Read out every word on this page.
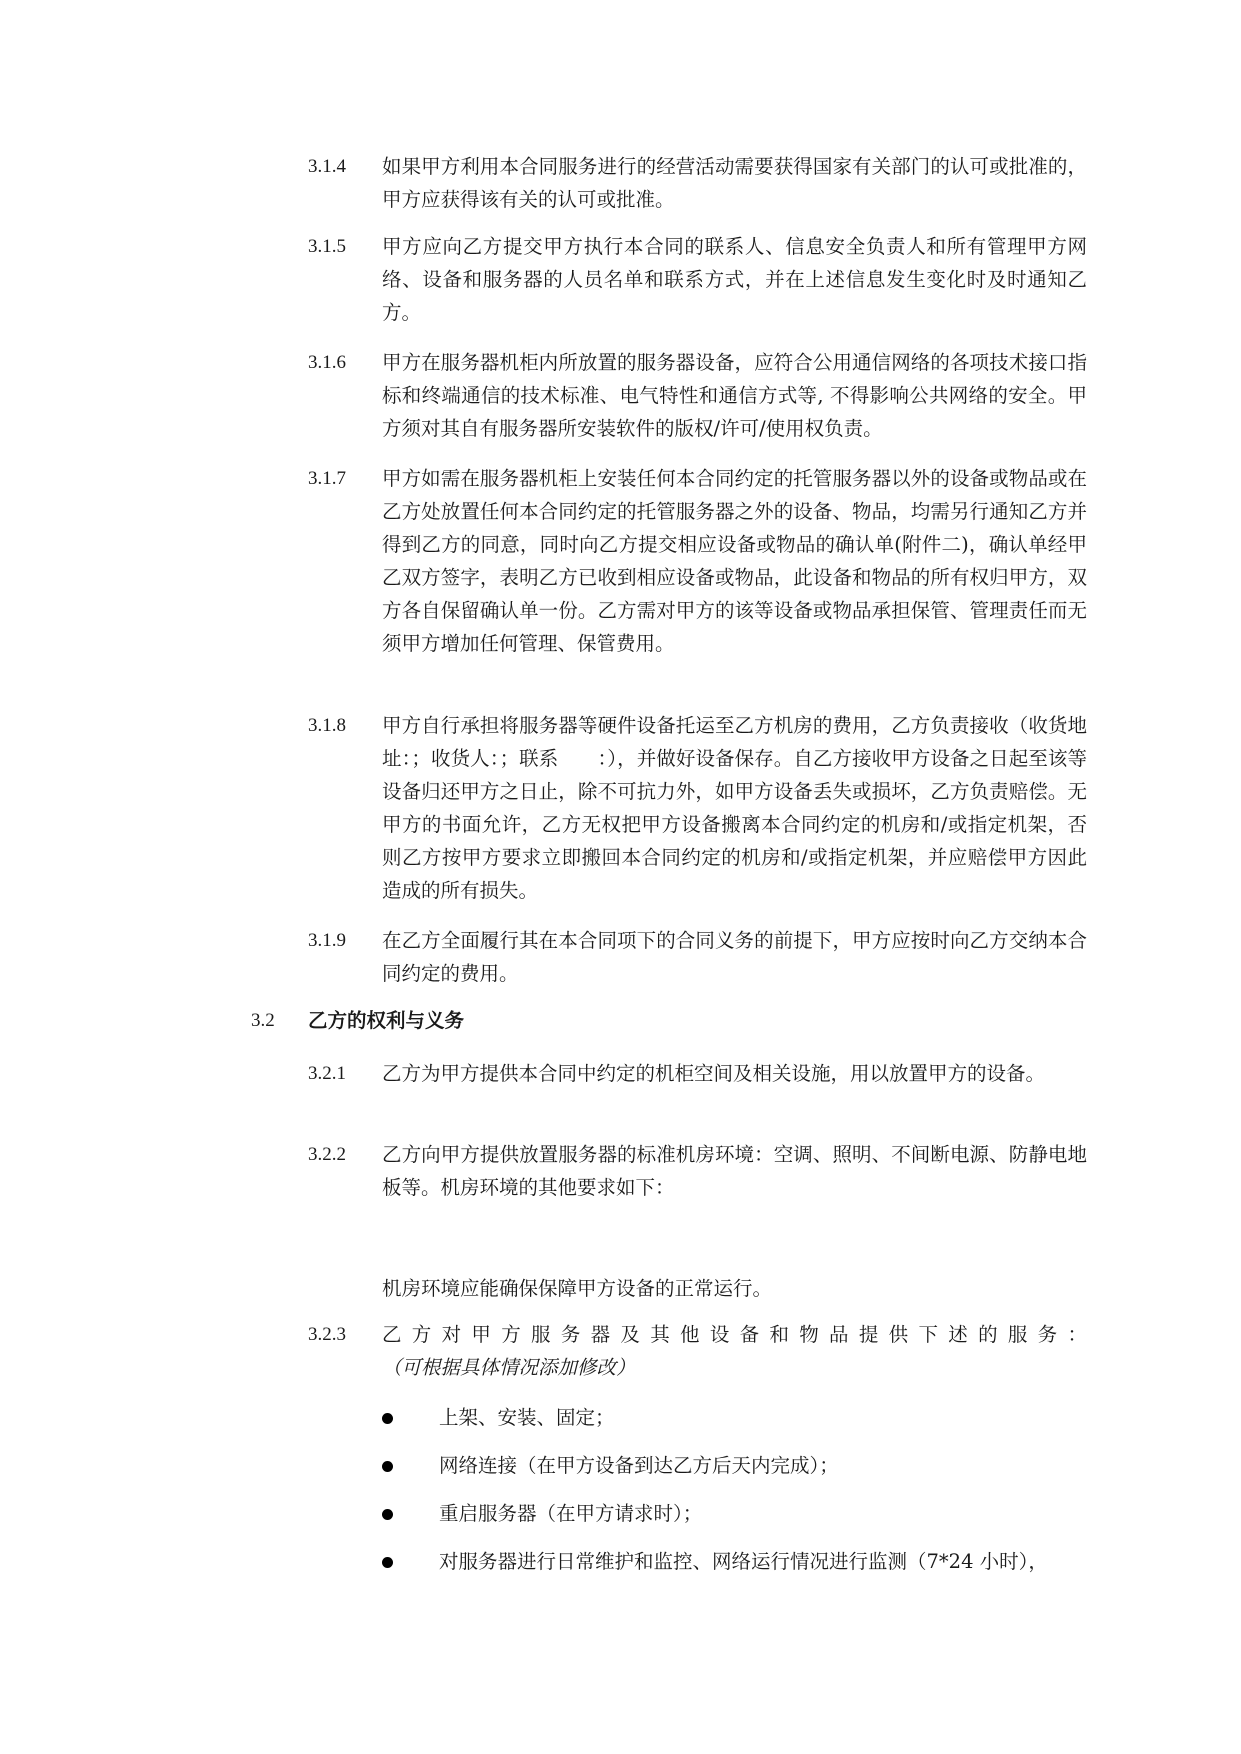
3.1.4 如果甲方利用本合同服务进行的经营活动需要获得国家有关部门的认可或批准的，甲方应获得该有关的认可或批准。
3.1.5 甲方应向乙方提交甲方执行本合同的联系人、信息安全负责人和所有管理甲方网络、设备和服务器的人员名单和联系方式，并在上述信息发生变化时及时通知乙方。
3.1.6 甲方在服务器机柜内所放置的服务器设备，应符合公用通信网络的各项技术接口指标和终端通信的技术标准、电气特性和通信方式等, 不得影响公共网络的安全。甲方须对其自有服务器所安装软件的版权/许可/使用权负责。
3.1.7 甲方如需在服务器机柜上安装任何本合同约定的托管服务器以外的设备或物品或在乙方处放置任何本合同约定的托管服务器之外的设备、物品，均需另行通知乙方并得到乙方的同意，同时向乙方提交相应设备或物品的确认单(附件二)，确认单经甲乙双方签字，表明乙方已收到相应设备或物品，此设备和物品的所有权归甲方，双方各自保留确认单一份。乙方需对甲方的该等设备或物品承担保管、管理责任而无须甲方增加任何管理、保管费用。
3.1.8 甲方自行承担将服务器等硬件设备托运至乙方机房的费用，乙方负责接收（收货地址：；收货人：；联系　　：），并做好设备保存。自乙方接收甲方设备之日起至该等设备归还甲方之日止，除不可抗力外，如甲方设备丢失或损坏，乙方负责赔偿。无甲方的书面允许，乙方无权把甲方设备搬离本合同约定的机房和/或指定机架，否则乙方按甲方要求立即搬回本合同约定的机房和/或指定机架，并应赔偿甲方因此造成的所有损失。
3.1.9 在乙方全面履行其在本合同项下的合同义务的前提下，甲方应按时向乙方交纳本合同约定的费用。
3.2 乙方的权利与义务
3.2.1 乙方为甲方提供本合同中约定的机柜空间及相关设施，用以放置甲方的设备。
3.2.2 乙方向甲方提供放置服务器的标准机房环境：空调、照明、不间断电源、防静电地板等。机房环境的其他要求如下：
机房环境应能确保保障甲方设备的正常运行。
3.2.3 乙方对甲方服务器及其他设备和物品提供下述的服务：（可根据具体情况添加修改）
上架、安装、固定；
网络连接（在甲方设备到达乙方后天内完成）；
重启服务器（在甲方请求时）；
对服务器进行日常维护和监控、网络运行情况进行监测（7*24 小时），
